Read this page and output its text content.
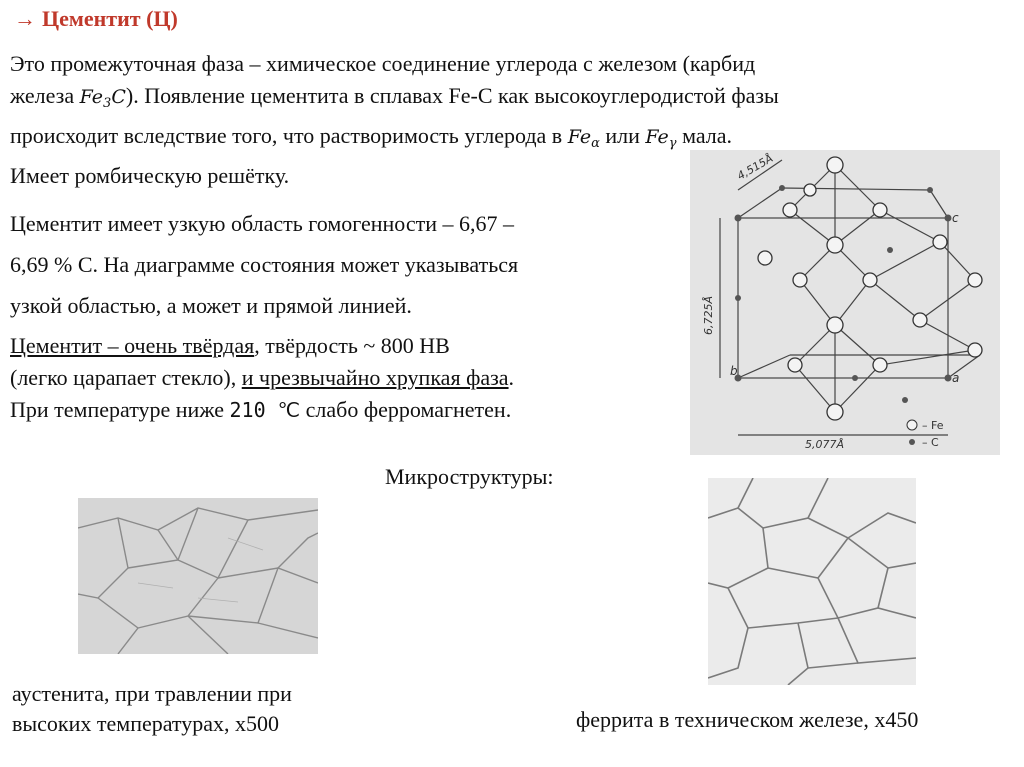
→ Цементит (Ц)
Это промежуточная фаза – химическое соединение углерода с железом (карбид
железа $Fe_3C$). Появление цементита в сплавах Fe-C как высокоуглеродистой фазы
происходит вследствие того, что растворимость углерода в $Fe_\alpha$ или $Fe_\gamma$ мала.
Имеет ромбическую решётку.
Цементит имеет узкую область гомогенности – 6,67 –
6,69 % С. На диаграмме состояния может указываться
узкой областью, а может и прямой линией.
Цементит – очень твёрдая, твёрдость ~ 800 НВ
(легко царапает стекло), и чрезвычайно хрупкая фаза.
При температуре ниже 210 ℃ слабо ферромагнетен.
4,515Å
6,725Å
5,077Å
c
b	a
– Fe
– C
Микроструктуры:
аустенита, при травлении при
высоких температурах, х500	феррита в техническом железе, х450
